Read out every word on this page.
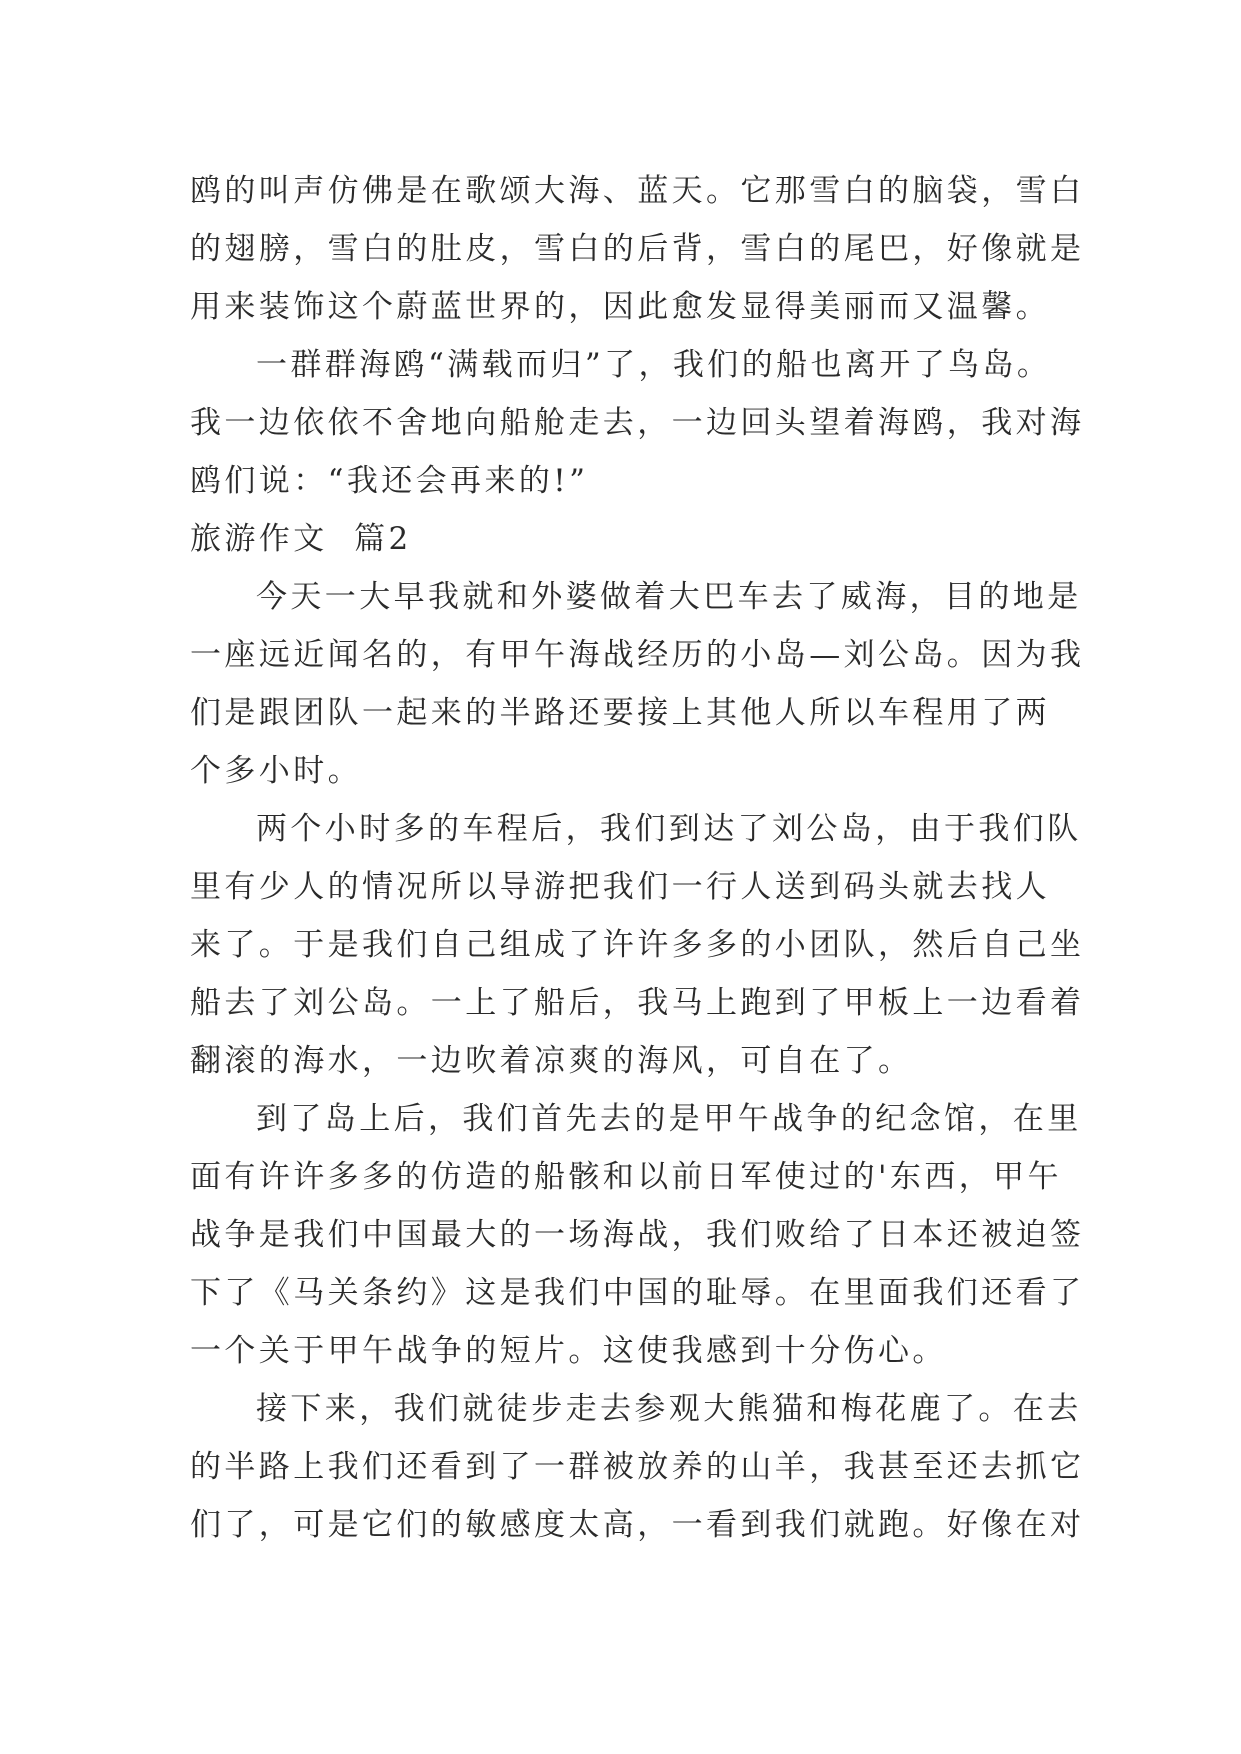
鸥的叫声仿佛是在歌颂大海、蓝天。它那雪白的脑袋，雪白

的翅膀，雪白的肚皮，雪白的后背，雪白的尾巴，好像就是

用来装饰这个蔚蓝世界的，因此愈发显得美丽而又温馨。

一群群海鸥“满载而归”了，我们的船也离开了鸟岛。

我一边依依不舍地向船舱走去，一边回头望着海鸥，我对海

鸥们说：“我还会再来的!”

旅游作文  篇2

今天一大早我就和外婆做着大巴车去了威海，目的地是

一座远近闻名的，有甲午海战经历的小岛—刘公岛。因为我

们是跟团队一起来的半路还要接上其他人所以车程用了两

个多小时。

两个小时多的车程后，我们到达了刘公岛，由于我们队

里有少人的情况所以导游把我们一行人送到码头就去找人

来了。于是我们自己组成了许许多多的小团队，然后自己坐

船去了刘公岛。一上了船后，我马上跑到了甲板上一边看着

翻滚的海水，一边吹着凉爽的海风，可自在了。

到了岛上后，我们首先去的是甲午战争的纪念馆，在里

面有许许多多的仿造的船骸和以前日军使过的'东西，甲午

战争是我们中国最大的一场海战，我们败给了日本还被迫签

下了《马关条约》这是我们中国的耻辱。在里面我们还看了

一个关于甲午战争的短片。这使我感到十分伤心。

接下来，我们就徒步走去参观大熊猫和梅花鹿了。在去

的半路上我们还看到了一群被放养的山羊，我甚至还去抓它

们了，可是它们的敏感度太高，一看到我们就跑。好像在对
